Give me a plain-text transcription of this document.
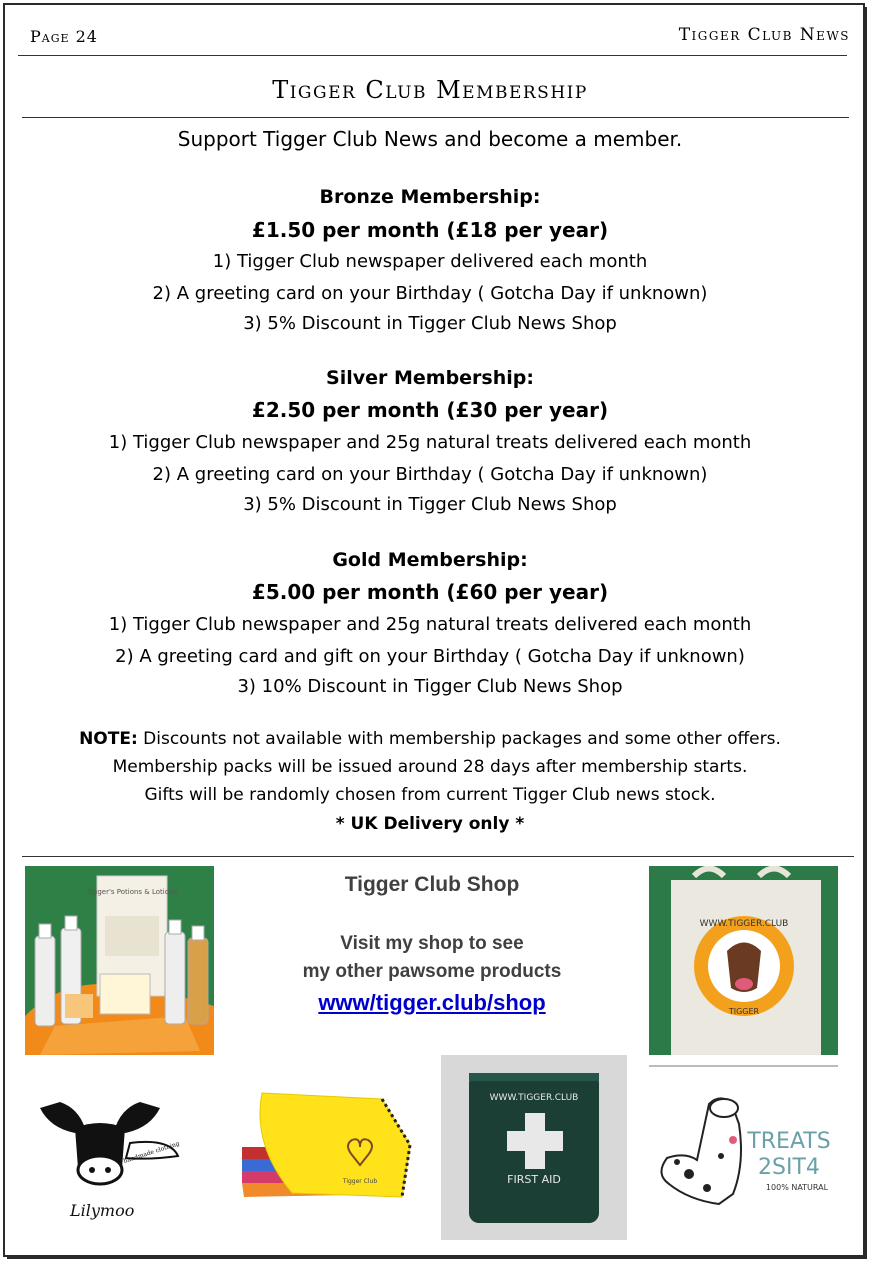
Page 24	Tigger Club News
Tigger Club Membership
Support Tigger Club News and become a member.
Bronze Membership:
£1.50 per month (£18 per year)
1) Tigger Club newspaper delivered each month
2) A greeting card on your Birthday ( Gotcha Day if unknown)
3) 5% Discount in Tigger Club News Shop
Silver Membership:
£2.50 per month (£30 per year)
1) Tigger Club newspaper and 25g natural treats delivered each month
2) A greeting card on your Birthday ( Gotcha Day if unknown)
3) 5% Discount in Tigger Club News Shop
Gold Membership:
£5.00 per month (£60 per year)
1) Tigger Club newspaper and 25g natural treats delivered each month
2) A greeting card and gift on your Birthday ( Gotcha Day if unknown)
3) 10% Discount in Tigger Club News Shop
NOTE: Discounts not available with membership packages and some other offers.
Membership packs will be issued around 28 days after membership starts.
Gifts will be randomly chosen from current Tigger Club news stock.
* UK Delivery only *
Tigger Club Shop
Visit my shop to see
my other pawsome products
www/tigger.club/shop
Tigger's Potions & Lotions
WWW.TIGGER.CLUB
TIGGER
handmade clothing
Lilymoo
Tigger Club
WWW.TIGGER.CLUB
FIRST AID
TREATS
2SIT4
100% NATURAL
